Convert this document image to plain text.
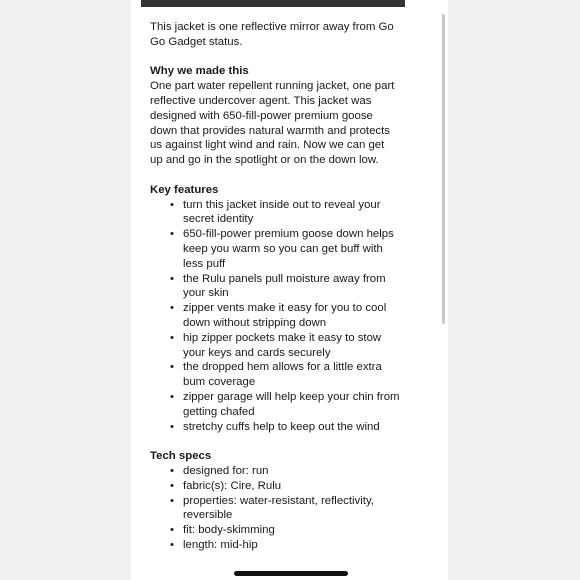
This jacket is one reflective mirror away from Go Go Gadget status.

Why we made this

One part water repellent running jacket, one part reflective undercover agent. This jacket was designed with 650-fill-power premium goose down that provides natural warmth and protects us against light wind and rain. Now we can get up and go in the spotlight or on the down low.

Key features
• turn this jacket inside out to reveal your secret identity
• 650-fill-power premium goose down helps keep you warm so you can get buff with less puff
• the Rulu panels pull moisture away from your skin
• zipper vents make it easy for you to cool down without stripping down
• hip zipper pockets make it easy to stow your keys and cards securely
• the dropped hem allows for a little extra bum coverage
• zipper garage will help keep your chin from getting chafed
• stretchy cuffs help to keep out the wind
Tech specs
• designed for: run
• fabric(s): Cire, Rulu
• properties: water-resistant, reflectivity, reversible
• fit: body-skimming
• length: mid-hip
